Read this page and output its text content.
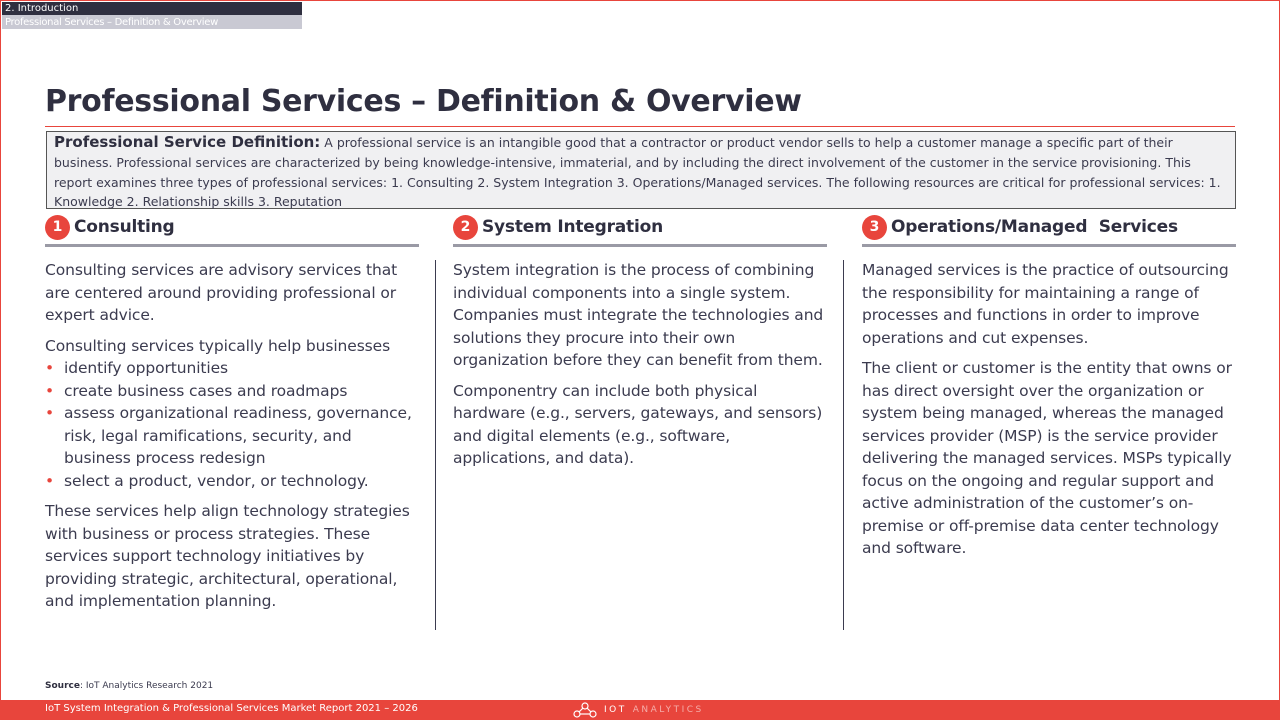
2. Introduction
Professional Services – Definition & Overview
Professional Services – Definition & Overview
Professional Service Definition: A professional service is an intangible good that a contractor or product vendor sells to help a customer manage a specific part of their business. Professional services are characterized by being knowledge-intensive, immaterial, and by including the direct involvement of the customer in the service provisioning. This report examines three types of professional services: 1. Consulting 2. System Integration 3. Operations/Managed services. The following resources are critical for professional services: 1. Knowledge 2. Relationship skills 3. Reputation
1 Consulting

Consulting services are advisory services that are centered around providing professional or expert advice.

Consulting services typically help businesses

• identify opportunities
• create business cases and roadmaps
• assess organizational readiness, governance, risk, legal ramifications, security, and business process redesign
• select a product, vendor, or technology.

These services help align technology strategies with business or process strategies. These services support technology initiatives by providing strategic, architectural, operational, and implementation planning.

2 System Integration

System integration is the process of combining individual components into a single system. Companies must integrate the technologies and solutions they procure into their own organization before they can benefit from them.

Componentry can include both physical hardware (e.g., servers, gateways, and sensors) and digital elements (e.g., software, applications, and data).

3 Operations/Managed  Services

Managed services is the practice of outsourcing the responsibility for maintaining a range of processes and functions in order to improve operations and cut expenses.

The client or customer is the entity that owns or has direct oversight over the organization or system being managed, whereas the managed services provider (MSP) is the service provider delivering the managed services. MSPs typically focus on the ongoing and regular support and active administration of the customer’s on-premise or off-premise data center technology and software.

Source: IoT Analytics Research 2021
IoT System Integration & Professional Services Market Report 2021 – 2026	IOT ANALYTICS
